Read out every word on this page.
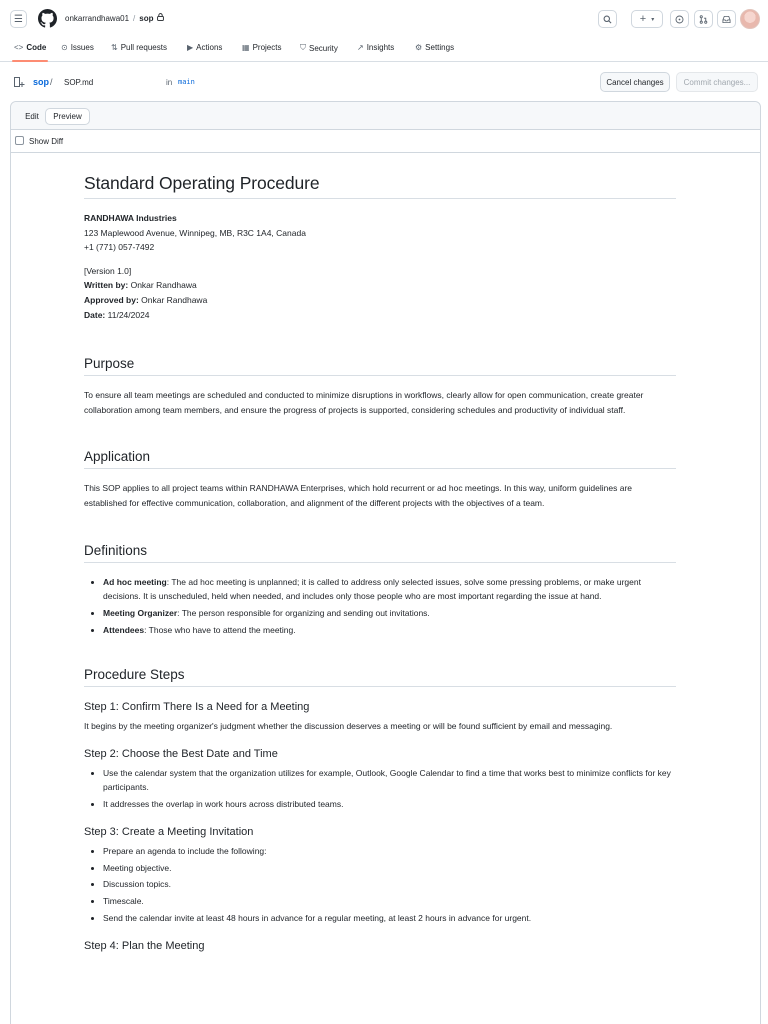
☰	onkarrandhawa01 / sop	+ ▾
<> Code ⊙ Issues ⇅ Pull requests	▶ Actions ▦ Projects ⛉ Security ↗ Insights	⚙ Settings
sop / SOP.md	in main	Cancel changes	Commit changes...
Edit	Preview
Show Diff
Standard Operating Procedure

RANDHAWA Industries

123 Maplewood Avenue, Winnipeg, MB, R3C 1A4, Canada

+1 (771) 057-7492

[Version 1.0]

Written by: Onkar Randhawa

Approved by: Onkar Randhawa

Date: 11/24/2024

Purpose

To ensure all team meetings are scheduled and conducted to minimize disruptions in workflows, clearly allow for open communication, create greater collaboration among team members, and ensure the progress of projects is supported, considering schedules and productivity of individual staff.

Application

This SOP applies to all project teams within RANDHAWA Enterprises, which hold recurrent or ad hoc meetings. In this way, uniform guidelines are established for effective communication, collaboration, and alignment of the different projects with the objectives of a team.

Definitions
• Ad hoc meeting: The ad hoc meeting is unplanned; it is called to address only selected issues, solve some pressing problems, or make urgent decisions. It is unscheduled, held when needed, and includes only those people who are most important regarding the issue at hand.
• Meeting Organizer: The person responsible for organizing and sending out invitations.
• Attendees: Those who have to attend the meeting.
Procedure Steps
Step 1: Confirm There Is a Need for a Meeting

It begins by the meeting organizer's judgment whether the discussion deserves a meeting or will be found sufficient by email and messaging.

Step 2: Choose the Best Date and Time
• Use the calendar system that the organization utilizes for example, Outlook, Google Calendar to find a time that works best to minimize conflicts for key participants.
• It addresses the overlap in work hours across distributed teams.
Step 3: Create a Meeting Invitation
• Prepare an agenda to include the following:
• Meeting objective.
• Discussion topics.
• Timescale.
• Send the calendar invite at least 48 hours in advance for a regular meeting, at least 2 hours in advance for urgent.
Step 4: Plan the Meeting
